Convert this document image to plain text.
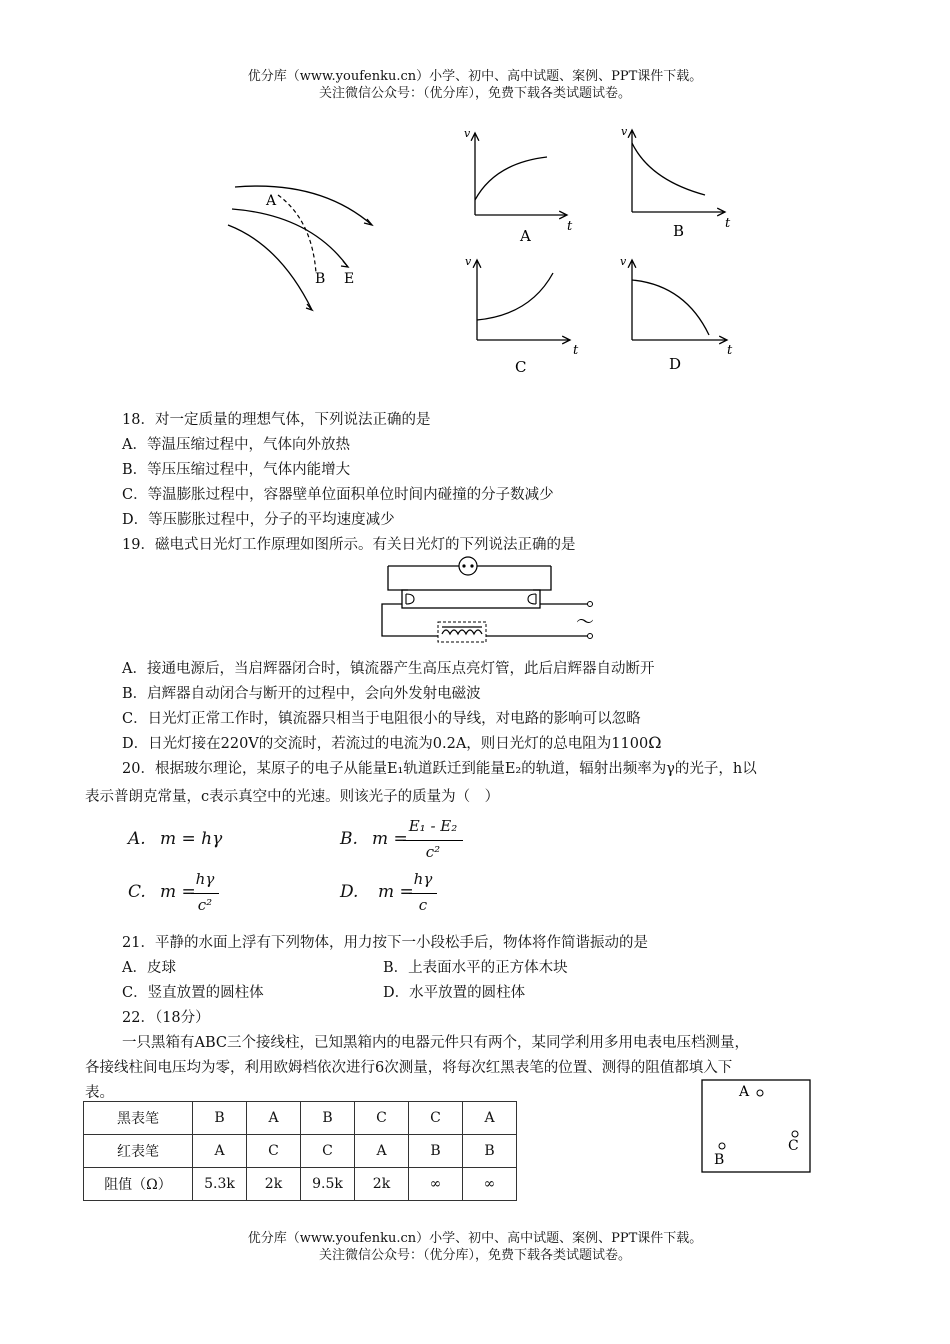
优分库（www.youfenku.cn）小学、初中、高中试题、案例、PPT课件下载。
关注微信公众号：（优分库），免费下载各类试题试卷。
A
B E
v
t
A
v
t
B
v
t
C
v
t
D
18．对一定质量的理想气体，下列说法正确的是
A．等温压缩过程中，气体向外放热
B．等压压缩过程中，气体内能增大
C．等温膨胀过程中，容器壁单位面积单位时间内碰撞的分子数减少
D．等压膨胀过程中，分子的平均速度减少
19．磁电式日光灯工作原理如图所示。有关日光灯的下列说法正确的是
～
A．接通电源后，当启辉器闭合时，镇流器产生高压点亮灯管，此后启辉器自动断开
B．启辉器自动闭合与断开的过程中，会向外发射电磁波
C．日光灯正常工作时，镇流器只相当于电阻很小的导线，对电路的影响可以忽略
D．日光灯接在220V的交流时，若流过的电流为0.2A，则日光灯的总电阻为1100Ω
20．根据玻尔理论，某原子的电子从能量E₁轨道跃迁到能量E₂的轨道，辐射出频率为γ的光子，h以
表示普朗克常量，c表示真空中的光速。则该光子的质量为（　）
A. m = hγ	B. m =
E₁ - E₂
c²
C. m =
hγ
c²
D. m =
hγ
c
21．平静的水面上浮有下列物体，用力按下一小段松手后，物体将作简谐振动的是
A．皮球	B．上表面水平的正方体木块
C．竖直放置的圆柱体	D．水平放置的圆柱体
22．（18分）
一只黑箱有ABC三个接线柱，已知黑箱内的电器元件只有两个，某同学利用多用电表电压档测量，
各接线柱间电压均为零，利用欧姆档依次进行6次测量，将每次红黑表笔的位置、测得的阻值都填入下
表。
黑表笔	B	A	B	C	C	A
红表笔	A	C	C	A	B	B
阻值（Ω）	5.3k	2k	9.5k	2k	∞	∞
A
B
C
优分库（www.youfenku.cn）小学、初中、高中试题、案例、PPT课件下载。
关注微信公众号：（优分库），免费下载各类试题试卷。
